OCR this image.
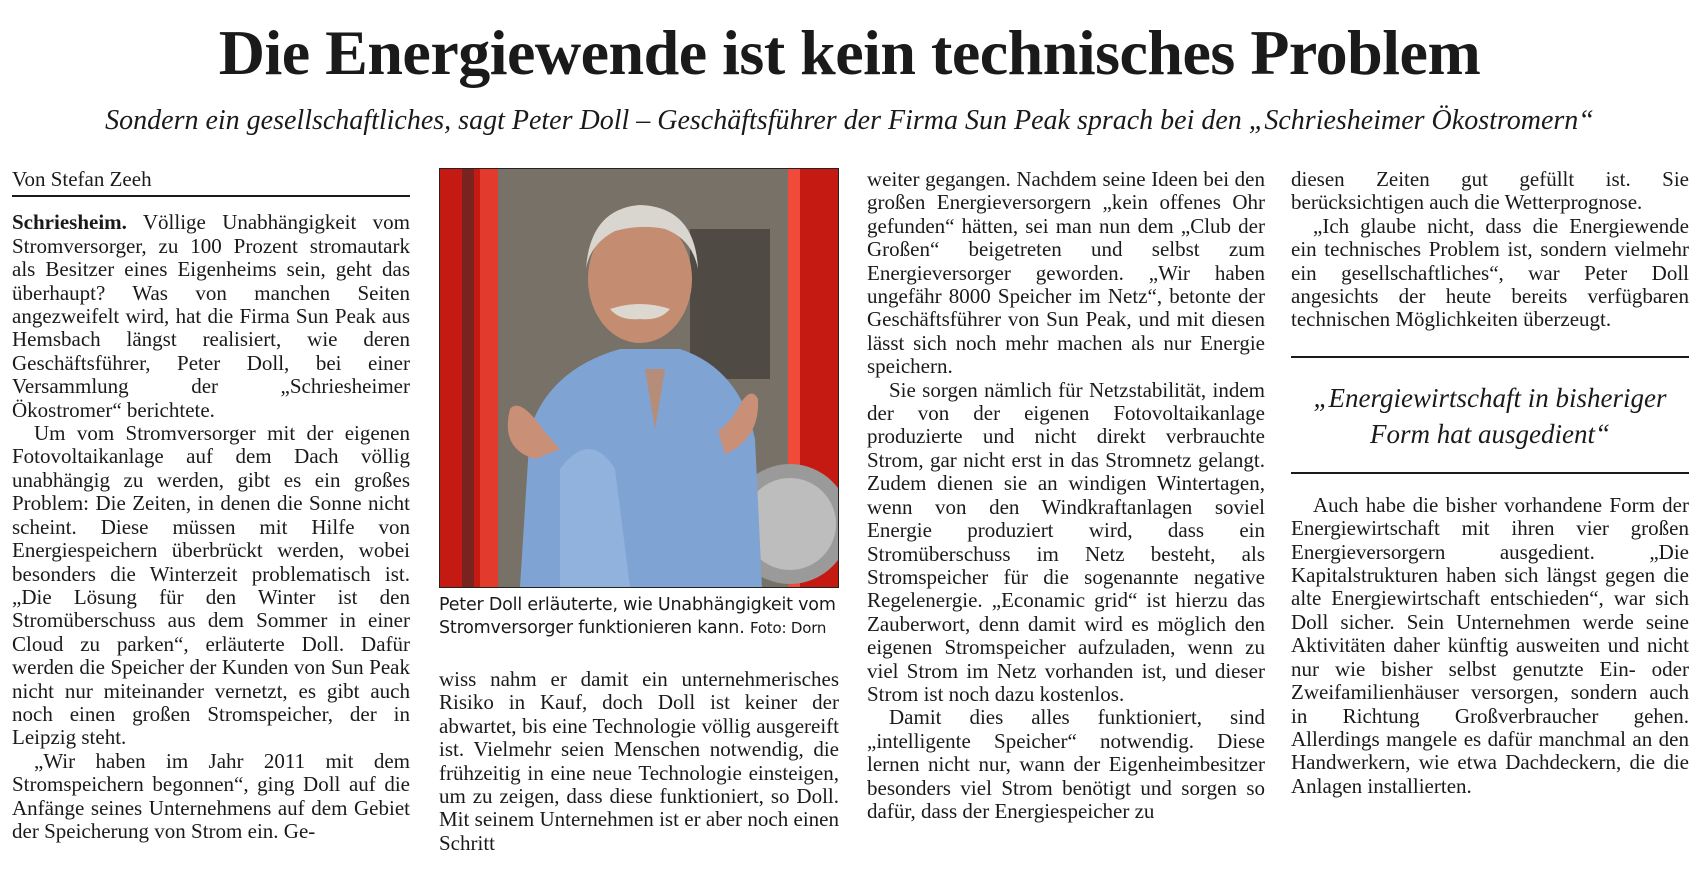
Die Energiewende ist kein technisches Problem
Sondern ein gesellschaftliches, sagt Peter Doll – Geschäftsführer der Firma Sun Peak sprach bei den „Schriesheimer Ökostromern“
Von Stefan Zeeh

Schriesheim. Völlige Unabhängigkeit vom Stromversorger, zu 100 Prozent stromautark als Besitzer eines Eigenheims sein, geht das überhaupt? Was von manchen Seiten angezweifelt wird, hat die Firma Sun Peak aus Hemsbach längst realisiert, wie deren Geschäftsführer, Peter Doll, bei einer Versammlung der „Schriesheimer Ökostromer“ berichtete.

Um vom Stromversorger mit der eigenen Fotovoltaikanlage auf dem Dach völlig unabhängig zu werden, gibt es ein großes Problem: Die Zeiten, in denen die Sonne nicht scheint. Diese müssen mit Hilfe von Energiespeichern überbrückt werden, wobei besonders die Winterzeit problematisch ist. „Die Lösung für den Winter ist den Stromüberschuss aus dem Sommer in einer Cloud zu parken“, erläuterte Doll. Dafür werden die Speicher der Kunden von Sun Peak nicht nur miteinander vernetzt, es gibt auch noch einen großen Stromspeicher, der in Leipzig steht.

„Wir haben im Jahr 2011 mit dem Stromspeichern begonnen“, ging Doll auf die Anfänge seines Unternehmens auf dem Gebiet der Speicherung von Strom ein. Ge-

Peter Doll erläuterte, wie Unabhängigkeit vom Stromversorger funktionieren kann. Foto: Dorn

wiss nahm er damit ein unternehmerisches Risiko in Kauf, doch Doll ist keiner der abwartet, bis eine Technologie völlig ausgereift ist. Vielmehr seien Menschen notwendig, die frühzeitig in eine neue Technologie einsteigen, um zu zeigen, dass diese funktioniert, so Doll. Mit seinem Unternehmen ist er aber noch einen Schritt

weiter gegangen. Nachdem seine Ideen bei den großen Energieversorgern „kein offenes Ohr gefunden“ hätten, sei man nun dem „Club der Großen“ beigetreten und selbst zum Energieversorger geworden. „Wir haben ungefähr 8000 Speicher im Netz“, betonte der Geschäftsführer von Sun Peak, und mit diesen lässt sich noch mehr machen als nur Energie speichern.

Sie sorgen nämlich für Netzstabilität, indem der von der eigenen Fotovoltaikanlage produzierte und nicht direkt verbrauchte Strom, gar nicht erst in das Stromnetz gelangt. Zudem dienen sie an windigen Wintertagen, wenn von den Windkraftanlagen soviel Energie produziert wird, dass ein Stromüberschuss im Netz besteht, als Stromspeicher für die sogenannte negative Regelenergie. „Econamic grid“ ist hierzu das Zauberwort, denn damit wird es möglich den eigenen Stromspeicher aufzuladen, wenn zu viel Strom im Netz vorhanden ist, und dieser Strom ist noch dazu kostenlos.

Damit dies alles funktioniert, sind „intelligente Speicher“ notwendig. Diese lernen nicht nur, wann der Eigenheimbesitzer besonders viel Strom benötigt und sorgen so dafür, dass der Energiespeicher zu

diesen Zeiten gut gefüllt ist. Sie berücksichtigen auch die Wetterprognose.

„Ich glaube nicht, dass die Energiewende ein technisches Problem ist, sondern vielmehr ein gesellschaftliches“, war Peter Doll angesichts der heute bereits verfügbaren technischen Möglichkeiten überzeugt.

„Energiewirtschaft in bisheriger Form hat ausgedient“

Auch habe die bisher vorhandene Form der Energiewirtschaft mit ihren vier großen Energieversorgern ausgedient. „Die Kapitalstrukturen haben sich längst gegen die alte Energiewirtschaft entschieden“, war sich Doll sicher. Sein Unternehmen werde seine Aktivitäten daher künftig ausweiten und nicht nur wie bisher selbst genutzte Ein- oder Zweifamilienhäuser versorgen, sondern auch in Richtung Großverbraucher gehen. Allerdings mangele es dafür manchmal an den Handwerkern, wie etwa Dachdeckern, die die Anlagen installierten.
